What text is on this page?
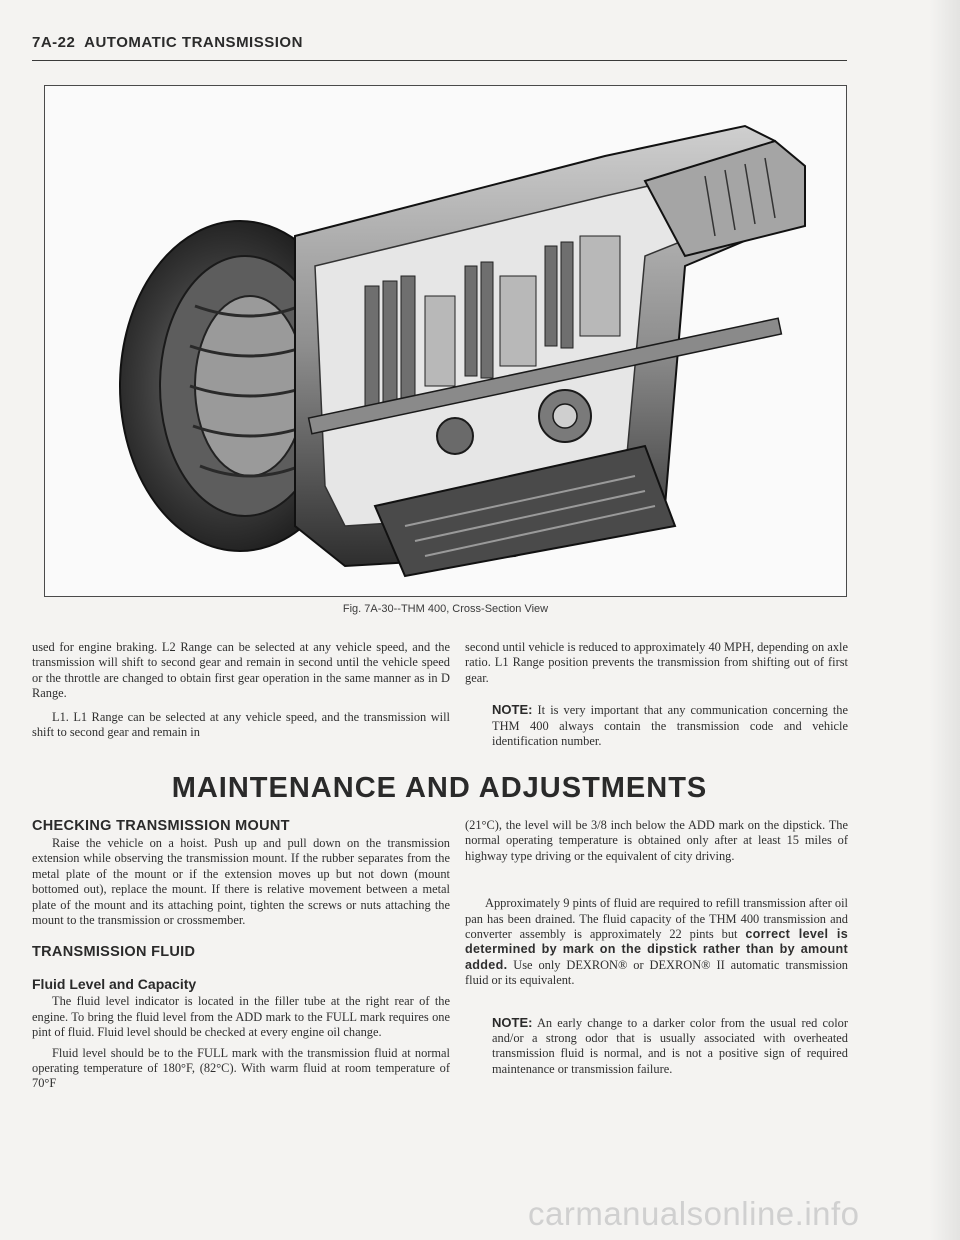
7A-22  AUTOMATIC TRANSMISSION
Fig. 7A-30--THM 400, Cross-Section View

used for engine braking. L2 Range can be selected at any vehicle speed, and the transmission will shift to second gear and remain in second until the vehicle speed or the throttle are changed to obtain first gear operation in the same manner as in D Range.

L1. L1 Range can be selected at any vehicle speed, and the transmission will shift to second gear and remain in

second until vehicle is reduced to approximately 40 MPH, depending on axle ratio. L1 Range position prevents the transmission from shifting out of first gear.

NOTE: It is very important that any communication concerning the THM 400 always contain the transmission code and vehicle identification number.

MAINTENANCE AND ADJUSTMENTS
CHECKING TRANSMISSION MOUNT

Raise the vehicle on a hoist. Push up and pull down on the transmission extension while observing the transmission mount. If the rubber separates from the metal plate of the mount or if the extension moves up but not down (mount bottomed out), replace the mount. If there is relative movement between a metal plate of the mount and its attaching point, tighten the screws or nuts attaching the mount to the transmission or crossmember.

TRANSMISSION FLUID
Fluid Level and Capacity

The fluid level indicator is located in the filler tube at the right rear of the engine. To bring the fluid level from the ADD mark to the FULL mark requires one pint of fluid. Fluid level should be checked at every engine oil change.

Fluid level should be to the FULL mark with the transmission fluid at normal operating temperature of 180°F, (82°C). With warm fluid at room temperature of 70°F

(21°C), the level will be 3/8 inch below the ADD mark on the dipstick. The normal operating temperature is obtained only after at least 15 miles of highway type driving or the equivalent of city driving.

Approximately 9 pints of fluid are required to refill transmission after oil pan has been drained. The fluid capacity of the THM 400 transmission and converter assembly is approximately 22 pints but correct level is determined by mark on the dipstick rather than by amount added. Use only DEXRON® or DEXRON® II automatic transmission fluid or its equivalent.

NOTE: An early change to a darker color from the usual red color and/or a strong odor that is usually associated with overheated transmission fluid is normal, and is not a positive sign of required maintenance or transmission failure.

carmanualsonline.info
